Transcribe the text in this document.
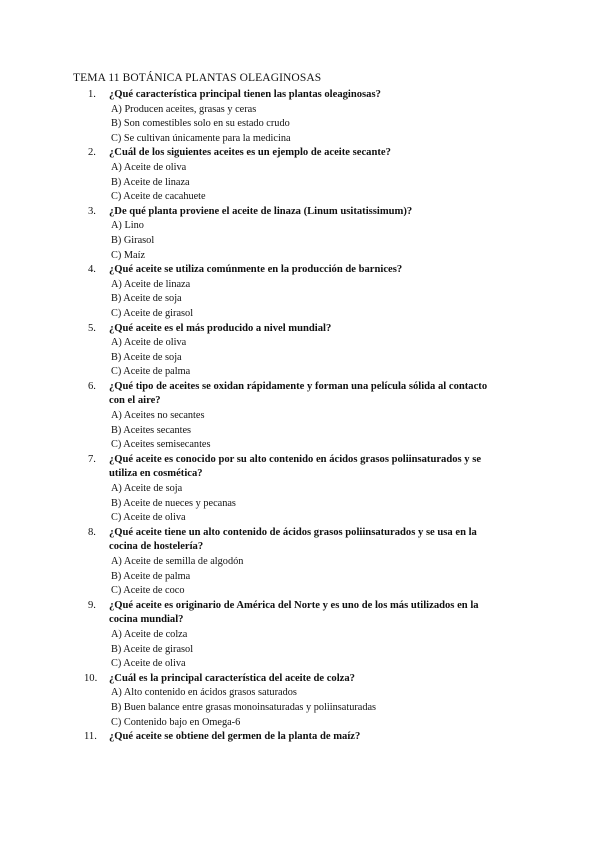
TEMA 11 BOTÁNICA PLANTAS OLEAGINOSAS
1. ¿Qué característica principal tienen las plantas oleaginosas?
A) Producen aceites, grasas y ceras
B) Son comestibles solo en su estado crudo
C) Se cultivan únicamente para la medicina
2. ¿Cuál de los siguientes aceites es un ejemplo de aceite secante?
A) Aceite de oliva
B) Aceite de linaza
C) Aceite de cacahuete
3. ¿De qué planta proviene el aceite de linaza (Linum usitatissimum)?
A) Lino
B) Girasol
C) Maíz
4. ¿Qué aceite se utiliza comúnmente en la producción de barnices?
A) Aceite de linaza
B) Aceite de soja
C) Aceite de girasol
5. ¿Qué aceite es el más producido a nivel mundial?
A) Aceite de oliva
B) Aceite de soja
C) Aceite de palma
6. ¿Qué tipo de aceites se oxidan rápidamente y forman una película sólida al contacto con el aire?
A) Aceites no secantes
B) Aceites secantes
C) Aceites semisecantes
7. ¿Qué aceite es conocido por su alto contenido en ácidos grasos poliinsaturados y se utiliza en cosmética?
A) Aceite de soja
B) Aceite de nueces y pecanas
C) Aceite de oliva
8. ¿Qué aceite tiene un alto contenido de ácidos grasos poliinsaturados y se usa en la cocina de hostelería?
A) Aceite de semilla de algodón
B) Aceite de palma
C) Aceite de coco
9. ¿Qué aceite es originario de América del Norte y es uno de los más utilizados en la cocina mundial?
A) Aceite de colza
B) Aceite de girasol
C) Aceite de oliva
10. ¿Cuál es la principal característica del aceite de colza?
A) Alto contenido en ácidos grasos saturados
B) Buen balance entre grasas monoinsaturadas y poliinsaturadas
C) Contenido bajo en Omega-6
11. ¿Qué aceite se obtiene del germen de la planta de maíz?
